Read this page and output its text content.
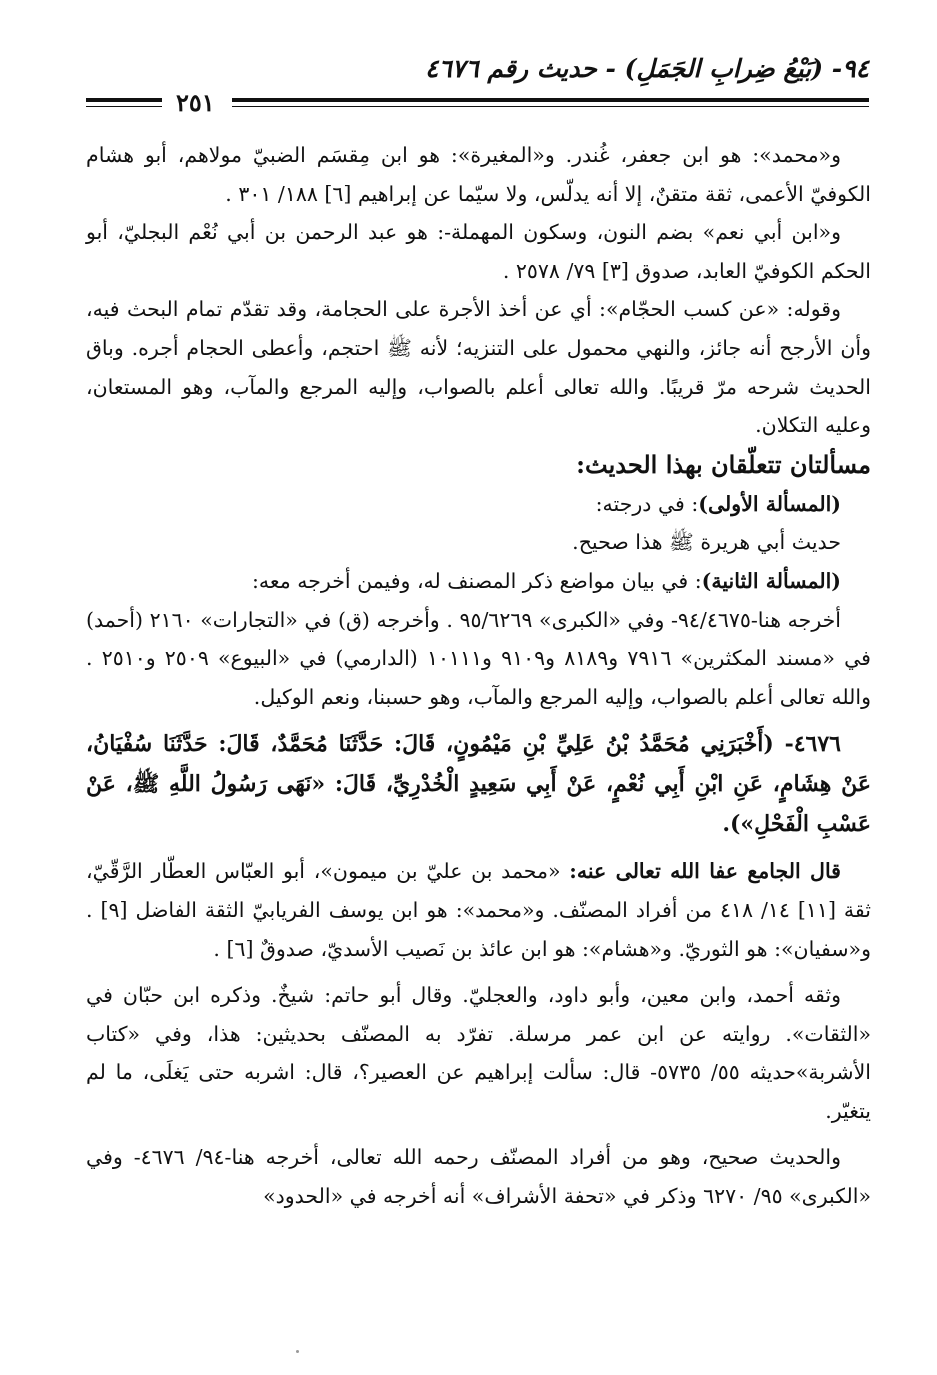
٩٤- (بَيْعُ ضِرابِ الجَمَلِ) - حديث رقم ٤٦٧٦
٢٥١

و«محمد»: هو ابن جعفر، غُندر. و«المغيرة»: هو ابن مِقسَم الضبيّ مولاهم، أبو هشام الكوفيّ الأعمى، ثقة متقنٌ، إلا أنه يدلّس، ولا سيّما عن إبراهيم [٦] ١٨٨/ ٣٠١ .

و«ابن أبي نعم» بضم النون، وسكون المهملة-: هو عبد الرحمن بن أبي نُعْم البجليّ، أبو الحكم الكوفيّ العابد، صدوق [٣] ٧٩/ ٢٥٧٨ .

وقوله: «عن كسب الحجّام»: أي عن أخذ الأجرة على الحجامة، وقد تقدّم تمام البحث فيه، وأن الأرجح أنه جائز، والنهي محمول على التنزيه؛ لأنه ﷺ احتجم، وأعطى الحجام أجره. وباق الحديث شرحه مرّ قريبًا. والله تعالى أعلم بالصواب، وإليه المرجع والمآب، وهو المستعان، وعليه التكلان.

مسألتان تتعلّقان بهذا الحديث:

(المسألة الأولى): في درجته:

حديث أبي هريرة ﷺ هذا صحيح.

(المسألة الثانية): في بيان مواضع ذكر المصنف له، وفيمن أخرجه معه:

أخرجه هنا-٩٤/٤٦٧٥- وفي «الكبرى» ٩٥/٦٢٦٩ . وأخرجه (ق) في «التجارات» ٢١٦٠ (أحمد) في «مسند المكثرين» ٧٩١٦ و٨١٨٩ و٩١٠٩ و١٠١١١ (الدارمي) في «البيوع» ٢٥٠٩ و٢٥١٠ . والله تعالى أعلم بالصواب، وإليه المرجع والمآب، وهو حسبنا، ونعم الوكيل.

٤٦٧٦- (أَخْبَرَنِي مُحَمَّدُ بْنُ عَلِيِّ بْنِ مَيْمُونٍ، قَالَ: حَدَّثَنَا مُحَمَّدٌ، قَالَ: حَدَّثَنَا سُفْيَانُ، عَنْ هِشَامٍ، عَنِ ابْنِ أَبِي نُعْمٍ، عَنْ أَبِي سَعِيدٍ الْخُدْرِيِّ، قَالَ: «نَهَى رَسُولُ اللَّهِ ﷺ، عَنْ عَسْبِ الْفَحْلِ»).

قال الجامع عفا الله تعالى عنه: «محمد بن عليّ بن ميمون»، أبو العبّاس العطّار الرَّقّيّ، ثقة [١١] ١٤/ ٤١٨ من أفراد المصنّف. و«محمد»: هو ابن يوسف الفريابيّ الثقة الفاضل [٩] . و«سفيان»: هو الثوريّ. و«هشام»: هو ابن عائذ بن نَصيب الأسديّ، صدوقٌ [٦] .

وثقه أحمد، وابن معين، وأبو داود، والعجليّ. وقال أبو حاتم: شيخٌ. وذكره ابن حبّان في «الثقات». روايته عن ابن عمر مرسلة. تفرّد به المصنّف بحديثين: هذا، وفي «كتاب الأشربة»حديثه ٥٥/ ٥٧٣٥- قال: سألت إبراهيم عن العصير؟، قال: اشربه حتى يَغلَى، ما لم يتغيّر.

والحديث صحيح، وهو من أفراد المصنّف رحمه الله تعالى، أخرجه هنا-٩٤/ ٤٦٧٦- وفي «الكبرى» ٩٥/ ٦٢٧٠ وذكر في «تحفة الأشراف» أنه أخرجه في «الحدود»
